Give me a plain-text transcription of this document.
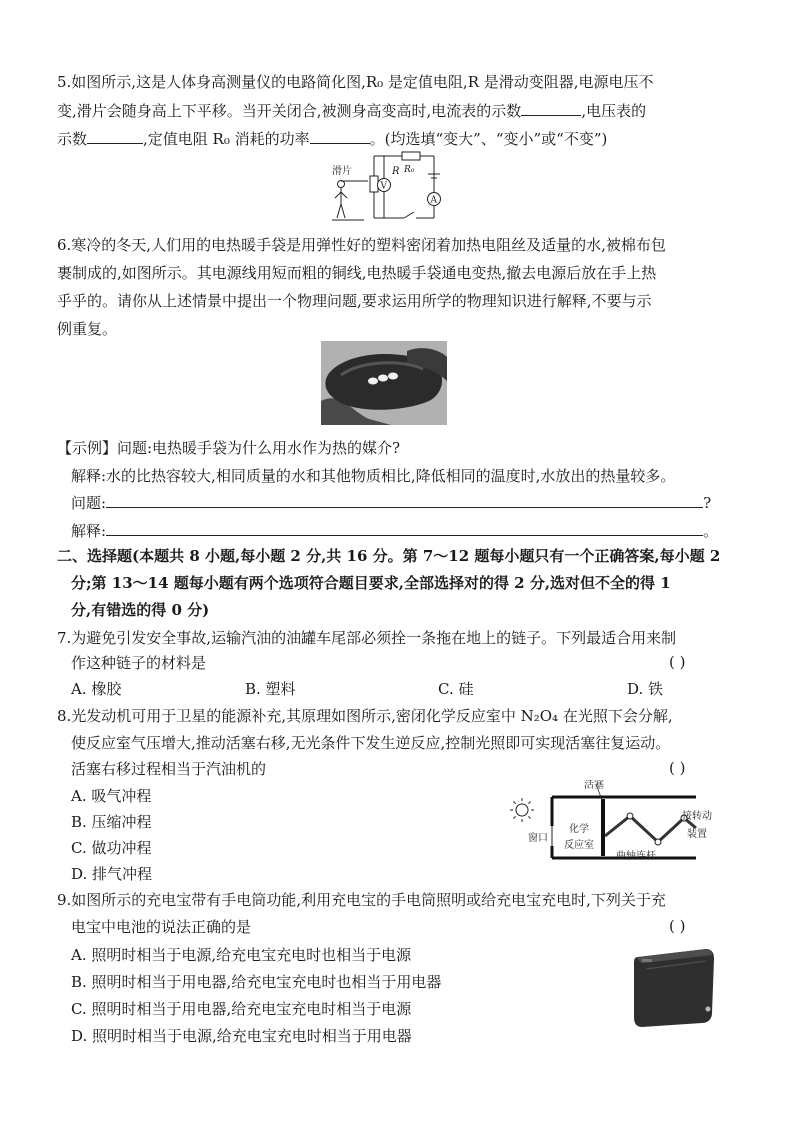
5.如图所示,这是人体身高测量仪的电路简化图,R₀ 是定值电阻,R 是滑动变阻器,电源电压不
变,滑片会随身高上下平移。当开关闭合,被测身高变高时,电流表的示数	,电压表的
示数	,定值电阻 R₀ 消耗的功率	。(均选填“变大”、“变小”或“不变”)
滑片	R R₀
V
A
6.寒冷的冬天,人们用的电热暖手袋是用弹性好的塑料密闭着加热电阻丝及适量的水,被棉布包
裹制成的,如图所示。其电源线用短而粗的铜线,电热暖手袋通电变热,撤去电源后放在手上热
乎乎的。请你从上述情景中提出一个物理问题,要求运用所学的物理知识进行解释,不要与示
例重复。
【示例】问题:电热暖手袋为什么用水作为热的媒介?
解释:水的比热容较大,相同质量的水和其他物质相比,降低相同的温度时,水放出的热量较多。
问题:	?
解释:	。
二、选择题(本题共 8 小题,每小题 2 分,共 16 分。第 7～12 题每小题只有一个正确答案,每小题 2
分;第 13～14 题每小题有两个选项符合题目要求,全部选择对的得 2 分,选对但不全的得 1
分,有错选的得 0 分)
7.为避免引发安全事故,运输汽油的油罐车尾部必须拴一条拖在地上的链子。下列最适合用来制
作这种链子的材料是	( )
A. 橡胶	B. 塑料	C. 硅	D. 铁
8.光发动机可用于卫星的能源补充,其原理如图所示,密闭化学反应室中 N₂O₄ 在光照下会分解,
使反应室气压增大,推动活塞右移,无光条件下发生逆反应,控制光照即可实现活塞往复运动。
活塞右移过程相当于汽油机的	( )
A. 吸气冲程
B. 压缩冲程
C. 做功冲程
D. 排气冲程
活塞
窗口
化学
反应室
曲轴连杆
接转动
装置
9.如图所示的充电宝带有手电筒功能,利用充电宝的手电筒照明或给充电宝充电时,下列关于充
电宝中电池的说法正确的是	( )
A. 照明时相当于电源,给充电宝充电时也相当于电源
B. 照明时相当于用电器,给充电宝充电时也相当于用电器
C. 照明时相当于用电器,给充电宝充电时相当于电源
D. 照明时相当于电源,给充电宝充电时相当于用电器
